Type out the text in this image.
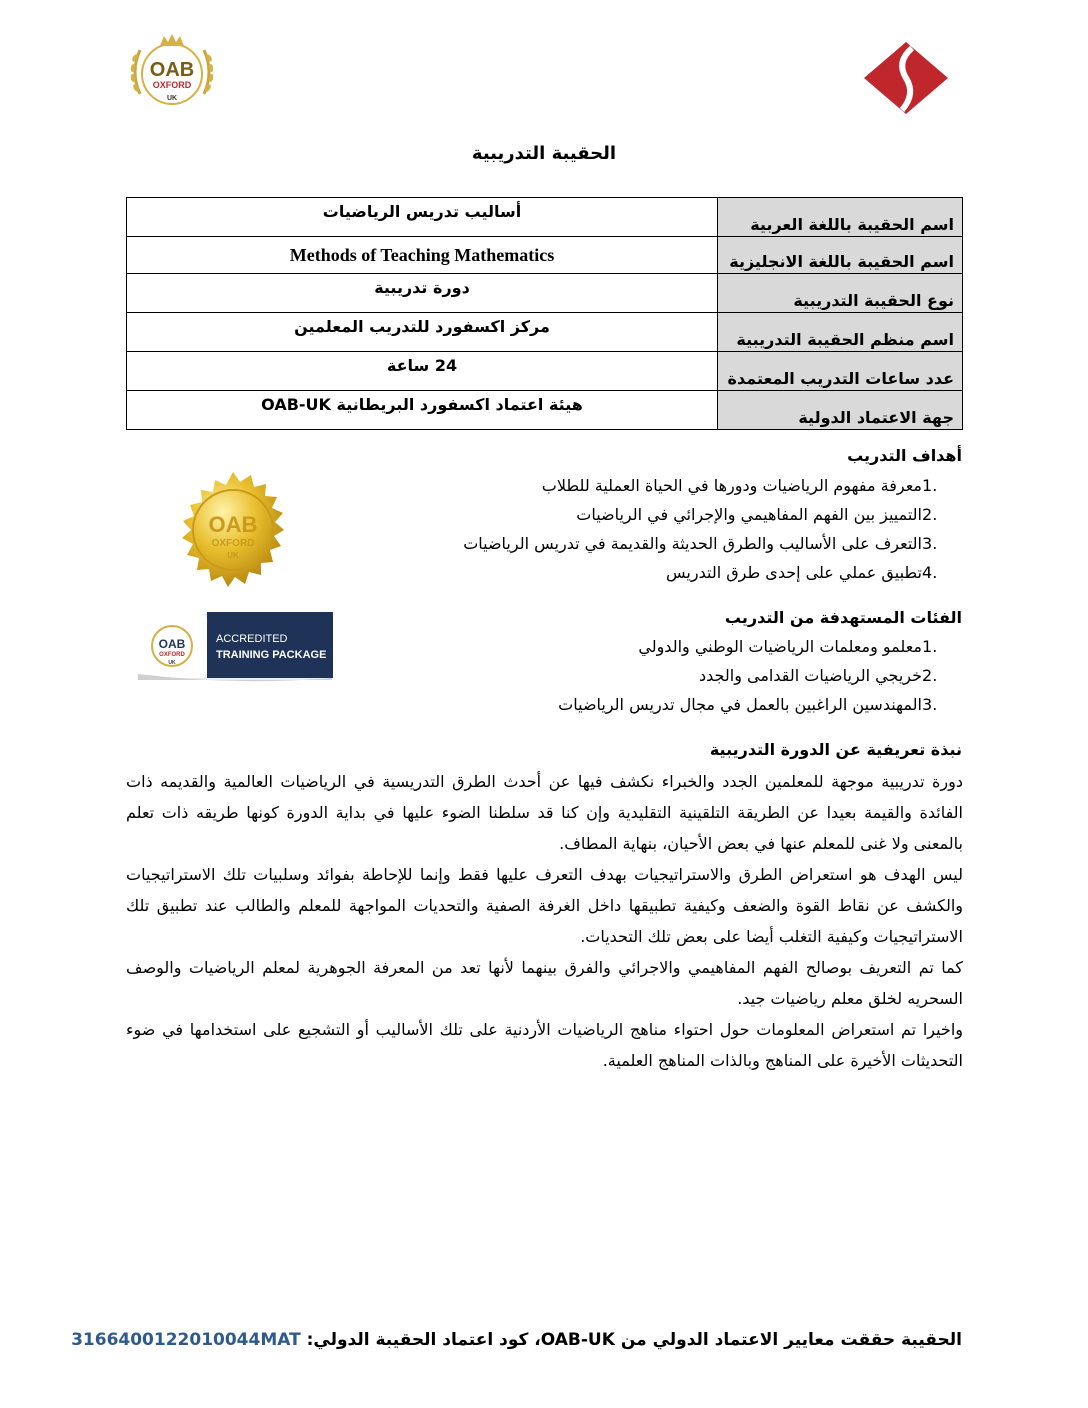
OAB
OXFORD
UK
الحقيبة التدريبية
اسم الحقيبة باللغة العربية	أساليب تدريس الرياضيات
اسم الحقيبة باللغة الانجليزية	Methods of Teaching Mathematics
نوع الحقيبة التدريبية	دورة تدريبية
اسم منظم الحقيبة التدريبية	مركز اكسفورد للتدريب المعلمين
عدد ساعات التدريب المعتمدة	24 ساعة
جهة الاعتماد الدولية	هيئة اعتماد اكسفورد البريطانية OAB-UK
أهداف التدريب
.1معرفة مفهوم الرياضيات ودورها في الحياة العملية للطلاب
.2التمييز بين الفهم المفاهيمي والإجرائي في الرياضيات
.3التعرف على الأساليب والطرق الحديثة والقديمة في تدريس الرياضيات
.4تطبيق عملي على إحدى طرق التدريس
OAB
OXFORD
UK
الفئات المستهدفة من التدريب
.1معلمو ومعلمات الرياضيات الوطني والدولي
.2خريجي الرياضيات القدامى والجدد
.3المهندسين الراغبين بالعمل في مجال تدريس الرياضيات
OAB
OXFORD
UK
ACCREDITED
TRAINING PACKAGE
نبذة تعريفية عن الدورة التدريبية

دورة تدريبية موجهة للمعلمين الجدد والخبراء نكشف فيها عن أحدث الطرق التدريسية في الرياضيات العالمية والقديمه ذات الفائدة والقيمة بعيدا عن الطريقة التلقينية التقليدية وإن كنا قد سلطنا الضوء عليها في بداية الدورة كونها طريقه ذات تعلم بالمعنى ولا غنى للمعلم عنها في بعض الأحيان، بنهاية المطاف.

ليس الهدف هو استعراض الطرق والاستراتيجيات بهدف التعرف عليها فقط وإنما للإحاطة بفوائد وسلبيات تلك الاستراتيجيات والكشف عن نقاط القوة والضعف وكيفية تطبيقها داخل الغرفة الصفية والتحديات المواجهة للمعلم والطالب عند تطبيق تلك الاستراتيجيات وكيفية التغلب أيضا على بعض تلك التحديات.

كما تم التعريف بوصالح الفهم المفاهيمي والاجرائي والفرق بينهما لأنها تعد من المعرفة الجوهرية لمعلم الرياضيات والوصف السحريه لخلق معلم رياضيات جيد.

واخيرا تم استعراض المعلومات حول احتواء مناهج الرياضيات الأردنية على تلك الأساليب أو التشجيع على استخدامها في ضوء التحديثات الأخيرة على المناهج وبالذات المناهج العلمية.

الحقيبة حققت معايير الاعتماد الدولي من OAB-UK، كود اعتماد الحقيبة الدولي: 3166400122010044MAT
